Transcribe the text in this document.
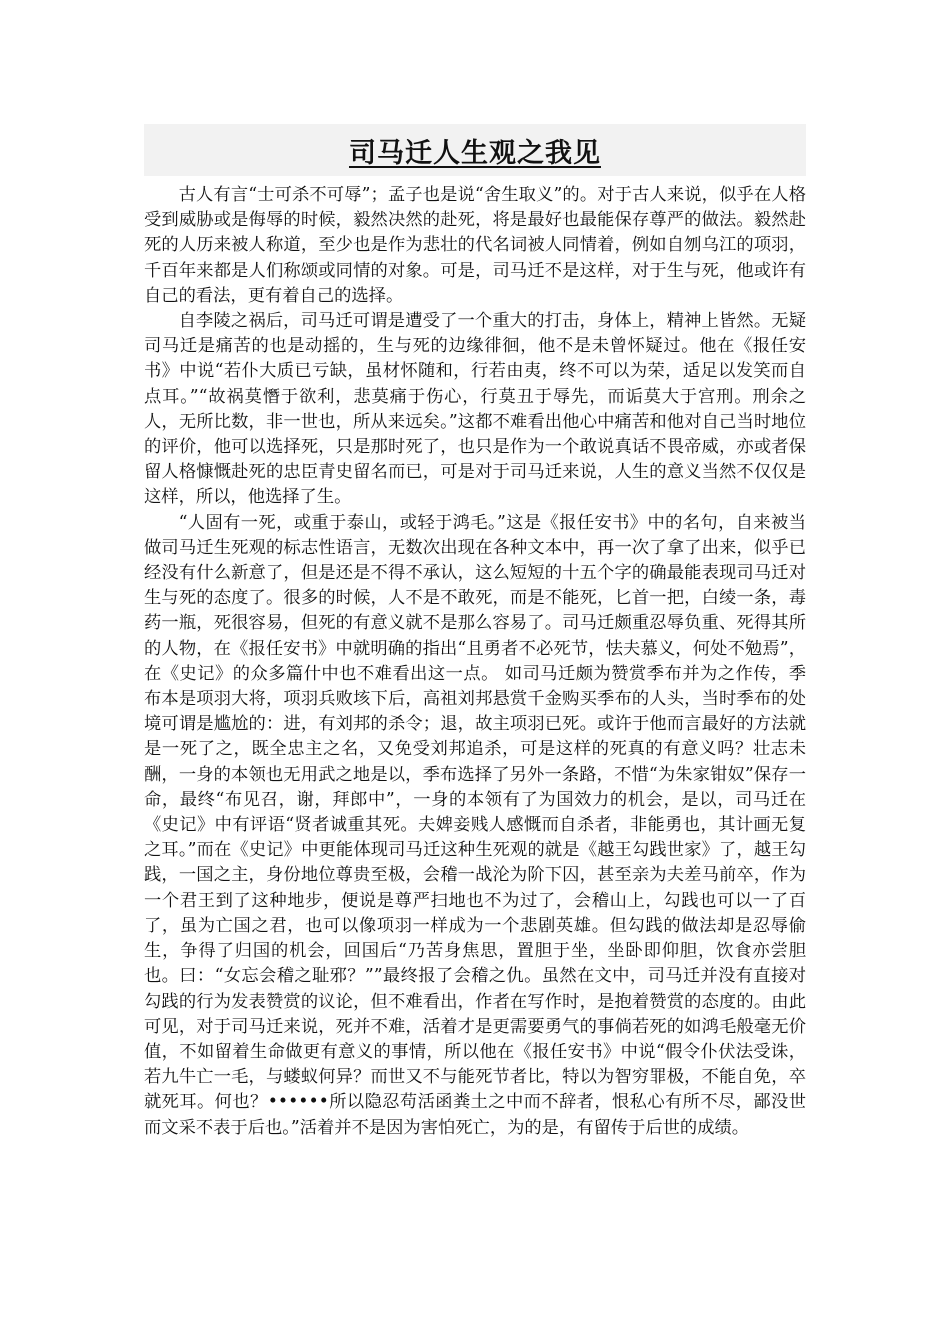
司马迁人生观之我见

古人有言“士可杀不可辱”；孟子也是说“舍生取义”的。对于古人来说，似乎在人格受到威胁或是侮辱的时候，毅然决然的赴死，将是最好也最能保存尊严的做法。毅然赴死的人历来被人称道，至少也是作为悲壮的代名词被人同情着，例如自刎乌江的项羽，千百年来都是人们称颂或同情的对象。可是，司马迁不是这样，对于生与死，他或许有自己的看法，更有着自己的选择。

自李陵之祸后，司马迁可谓是遭受了一个重大的打击，身体上，精神上皆然。无疑司马迁是痛苦的也是动摇的，生与死的边缘徘徊，他不是未曾怀疑过。他在《报任安书》中说“若仆大质已亏缺，虽材怀随和，行若由夷，终不可以为荣，适足以发笑而自点耳。”“故祸莫憯于欲利，悲莫痛于伤心，行莫丑于辱先，而诟莫大于宫刑。刑余之人，无所比数，非一世也，所从来远矣。”这都不难看出他心中痛苦和他对自己当时地位的评价，他可以选择死，只是那时死了，也只是作为一个敢说真话不畏帝威，亦或者保留人格慷慨赴死的忠臣青史留名而已，可是对于司马迁来说，人生的意义当然不仅仅是这样，所以，他选择了生。

“人固有一死，或重于泰山，或轻于鸿毛。”这是《报任安书》中的名句，自来被当做司马迁生死观的标志性语言，无数次出现在各种文本中，再一次了拿了出来，似乎已经没有什么新意了，但是还是不得不承认，这么短短的十五个字的确最能表现司马迁对生与死的态度了。很多的时候，人不是不敢死，而是不能死，匕首一把，白绫一条，毒药一瓶，死很容易，但死的有意义就不是那么容易了。司马迁颇重忍辱负重、死得其所的人物，在《报任安书》中就明确的指出“且勇者不必死节，怯夫慕义，何处不勉焉”，在《史记》的众多篇什中也不难看出这一点。 如司马迁颇为赞赏季布并为之作传，季布本是项羽大将，项羽兵败垓下后，高祖刘邦悬赏千金购买季布的人头，当时季布的处境可谓是尴尬的：进，有刘邦的杀令；退，故主项羽已死。或许于他而言最好的方法就是一死了之，既全忠主之名，又免受刘邦追杀，可是这样的死真的有意义吗？壮志未酬，一身的本领也无用武之地是以，季布选择了另外一条路，不惜“为朱家钳奴”保存一命，最终“布见召，谢，拜郎中”，一身的本领有了为国效力的机会，是以，司马迁在《史记》中有评语“贤者诚重其死。夫婢妾贱人感慨而自杀者，非能勇也，其计画无复之耳。”而在《史记》中更能体现司马迁这种生死观的就是《越王勾践世家》了，越王勾践，一国之主，身份地位尊贵至极，会稽一战沦为阶下囚，甚至亲为夫差马前卒，作为一个君王到了这种地步，便说是尊严扫地也不为过了，会稽山上，勾践也可以一了百了，虽为亡国之君，也可以像项羽一样成为一个悲剧英雄。但勾践的做法却是忍辱偷生，争得了归国的机会，回国后“乃苦身焦思，置胆于坐，坐卧即仰胆，饮食亦尝胆也。曰：“女忘会稽之耻邪？””最终报了会稽之仇。虽然在文中，司马迁并没有直接对勾践的行为发表赞赏的议论，但不难看出，作者在写作时，是抱着赞赏的态度的。由此可见，对于司马迁来说，死并不难，活着才是更需要勇气的事倘若死的如鸿毛般毫无价值，不如留着生命做更有意义的事情，所以他在《报任安书》中说“假令仆伏法受诛，若九牛亡一毛，与蝼蚁何异？而世又不与能死节者比，特以为智穷罪极，不能自免，卒就死耳。何也？••••••所以隐忍苟活函粪土之中而不辞者，恨私心有所不尽，鄙没世而文采不表于后也。”活着并不是因为害怕死亡，为的是，有留传于后世的成绩。
